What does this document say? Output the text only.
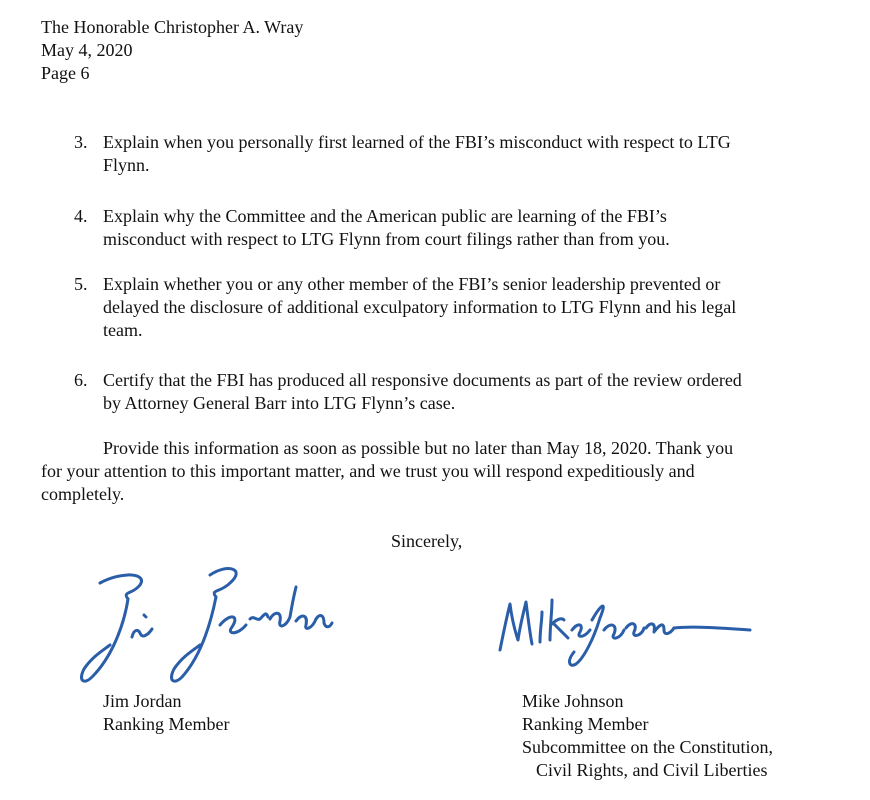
The Honorable Christopher A. Wray
May 4, 2020
Page 6
3. Explain when you personally first learned of the FBI’s misconduct with respect to LTG
Flynn.
4. Explain why the Committee and the American public are learning of the FBI’s
misconduct with respect to LTG Flynn from court filings rather than from you.
5. Explain whether you or any other member of the FBI’s senior leadership prevented or
delayed the disclosure of additional exculpatory information to LTG Flynn and his legal
team.
6. Certify that the FBI has produced all responsive documents as part of the review ordered
by Attorney General Barr into LTG Flynn’s case.
Provide this information as soon as possible but no later than May 18, 2020. Thank you
for your attention to this important matter, and we trust you will respond expeditiously and
completely.
Sincerely,
Jim Jordan
Ranking Member
Mike Johnson
Ranking Member
Subcommittee on the Constitution,
Civil Rights, and Civil Liberties
